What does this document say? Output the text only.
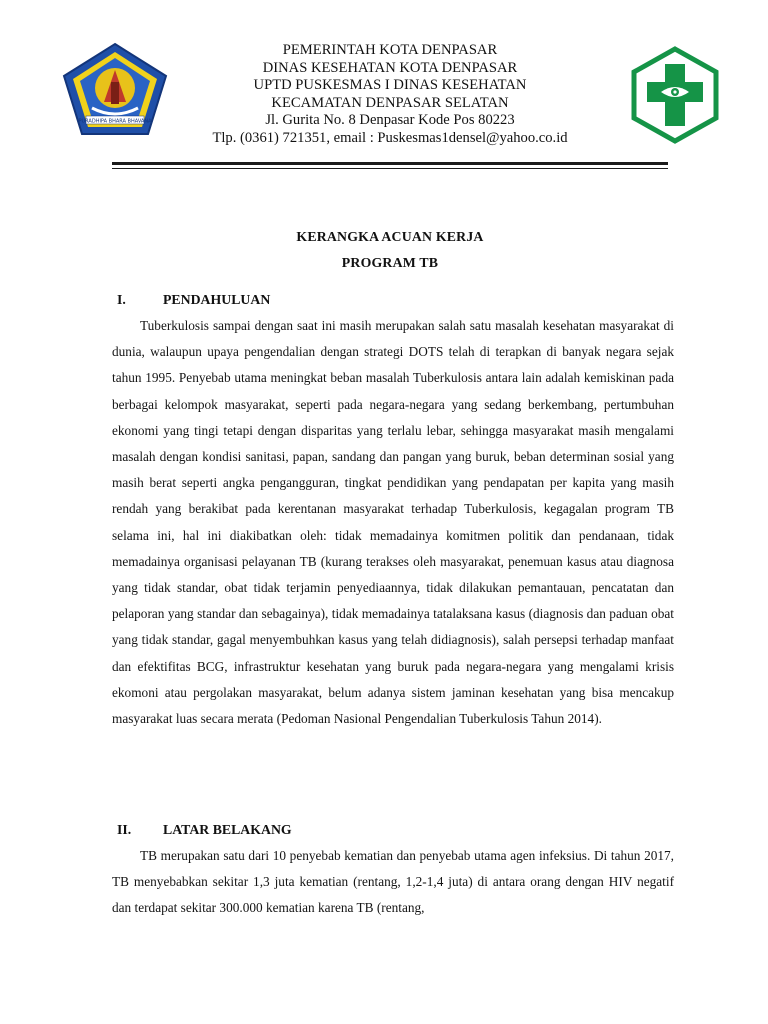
PURADHIPA BHARA BHAVANA
PEMERINTAH KOTA DENPASAR
DINAS KESEHATAN KOTA DENPASAR
UPTD PUSKESMAS I DINAS KESEHATAN
KECAMATAN DENPASAR SELATAN
Jl. Gurita No. 8 Denpasar Kode Pos 80223
Tlp. (0361) 721351, email : Puskesmas1densel@yahoo.co.id
KERANGKA ACUAN KERJA
PROGRAM TB
I.	PENDAHULUAN
Tuberkulosis sampai dengan saat ini masih merupakan salah satu masalah kesehatan masyarakat di dunia, walaupun upaya pengendalian dengan strategi DOTS telah di terapkan di banyak negara sejak tahun 1995. Penyebab utama meningkat beban masalah Tuberkulosis antara lain adalah kemiskinan pada berbagai kelompok masyarakat, seperti pada negara-negara yang sedang berkembang, pertumbuhan ekonomi yang tingi tetapi dengan disparitas yang terlalu lebar, sehingga masyarakat masih mengalami masalah dengan kondisi sanitasi, papan, sandang dan pangan yang buruk, beban determinan sosial yang masih berat seperti angka pengangguran, tingkat pendidikan yang pendapatan per kapita yang masih rendah yang berakibat pada kerentanan masyarakat terhadap Tuberkulosis, kegagalan program TB selama ini, hal ini diakibatkan oleh: tidak memadainya komitmen politik dan pendanaan, tidak memadainya organisasi pelayanan TB (kurang terakses oleh masyarakat, penemuan kasus atau diagnosa yang tidak standar, obat tidak terjamin penyediaannya, tidak dilakukan pemantauan, pencatatan dan pelaporan yang standar dan sebagainya), tidak memadainya tatalaksana kasus (diagnosis dan paduan obat yang tidak standar, gagal menyembuhkan kasus yang telah didiagnosis), salah persepsi terhadap manfaat dan efektifitas BCG, infrastruktur kesehatan yang buruk pada negara-negara yang mengalami krisis ekomoni atau pergolakan masyarakat, belum adanya sistem jaminan kesehatan yang bisa mencakup masyarakat luas secara merata (Pedoman Nasional Pengendalian Tuberkulosis Tahun 2014).
II. LATAR BELAKANG
TB merupakan satu dari 10 penyebab kematian dan penyebab utama agen infeksius. Di tahun 2017, TB menyebabkan sekitar 1,3 juta kematian (rentang, 1,2-1,4 juta) di antara orang dengan HIV negatif dan terdapat sekitar 300.000 kematian karena TB (rentang,
